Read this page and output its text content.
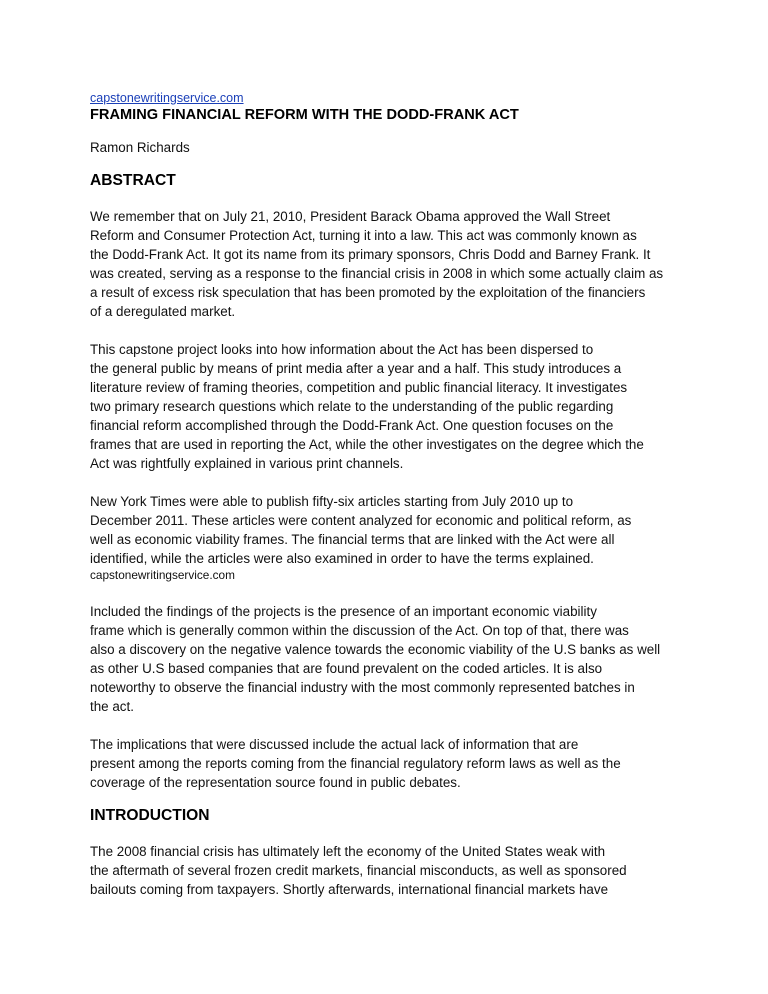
capstonewritingservice.com
FRAMING FINANCIAL REFORM WITH THE DODD-FRANK ACT
Ramon Richards
ABSTRACT

We remember that on July 21, 2010, President Barack Obama approved the Wall Street
Reform and Consumer Protection Act, turning it into a law. This act was commonly known as
the Dodd-Frank Act. It got its name from its primary sponsors, Chris Dodd and Barney Frank. It
was created, serving as a response to the financial crisis in 2008 in which some actually claim as
a result of excess risk speculation that has been promoted by the exploitation of the financiers
of a deregulated market.

This capstone project looks into how information about the Act has been dispersed to
the general public by means of print media after a year and a half. This study introduces a
literature review of framing theories, competition and public financial literacy. It investigates
two primary research questions which relate to the understanding of the public regarding
financial reform accomplished through the Dodd-Frank Act. One question focuses on the
frames that are used in reporting the Act, while the other investigates on the degree which the
Act was rightfully explained in various print channels.

New York Times were able to publish fifty-six articles starting from July 2010 up to
December 2011. These articles were content analyzed for economic and political reform, as
well as economic viability frames. The financial terms that are linked with the Act were all
identified, while the articles were also examined in order to have the terms explained.

capstonewritingservice.com

Included the findings of the projects is the presence of an important economic viability
frame which is generally common within the discussion of the Act. On top of that, there was
also a discovery on the negative valence towards the economic viability of the U.S banks as well
as other U.S based companies that are found prevalent on the coded articles. It is also
noteworthy to observe the financial industry with the most commonly represented batches in
the act.

The implications that were discussed include the actual lack of information that are
present among the reports coming from the financial regulatory reform laws as well as the
coverage of the representation source found in public debates.

INTRODUCTION

The 2008 financial crisis has ultimately left the economy of the United States weak with
the aftermath of several frozen credit markets, financial misconducts, as well as sponsored
bailouts coming from taxpayers. Shortly afterwards, international financial markets have
